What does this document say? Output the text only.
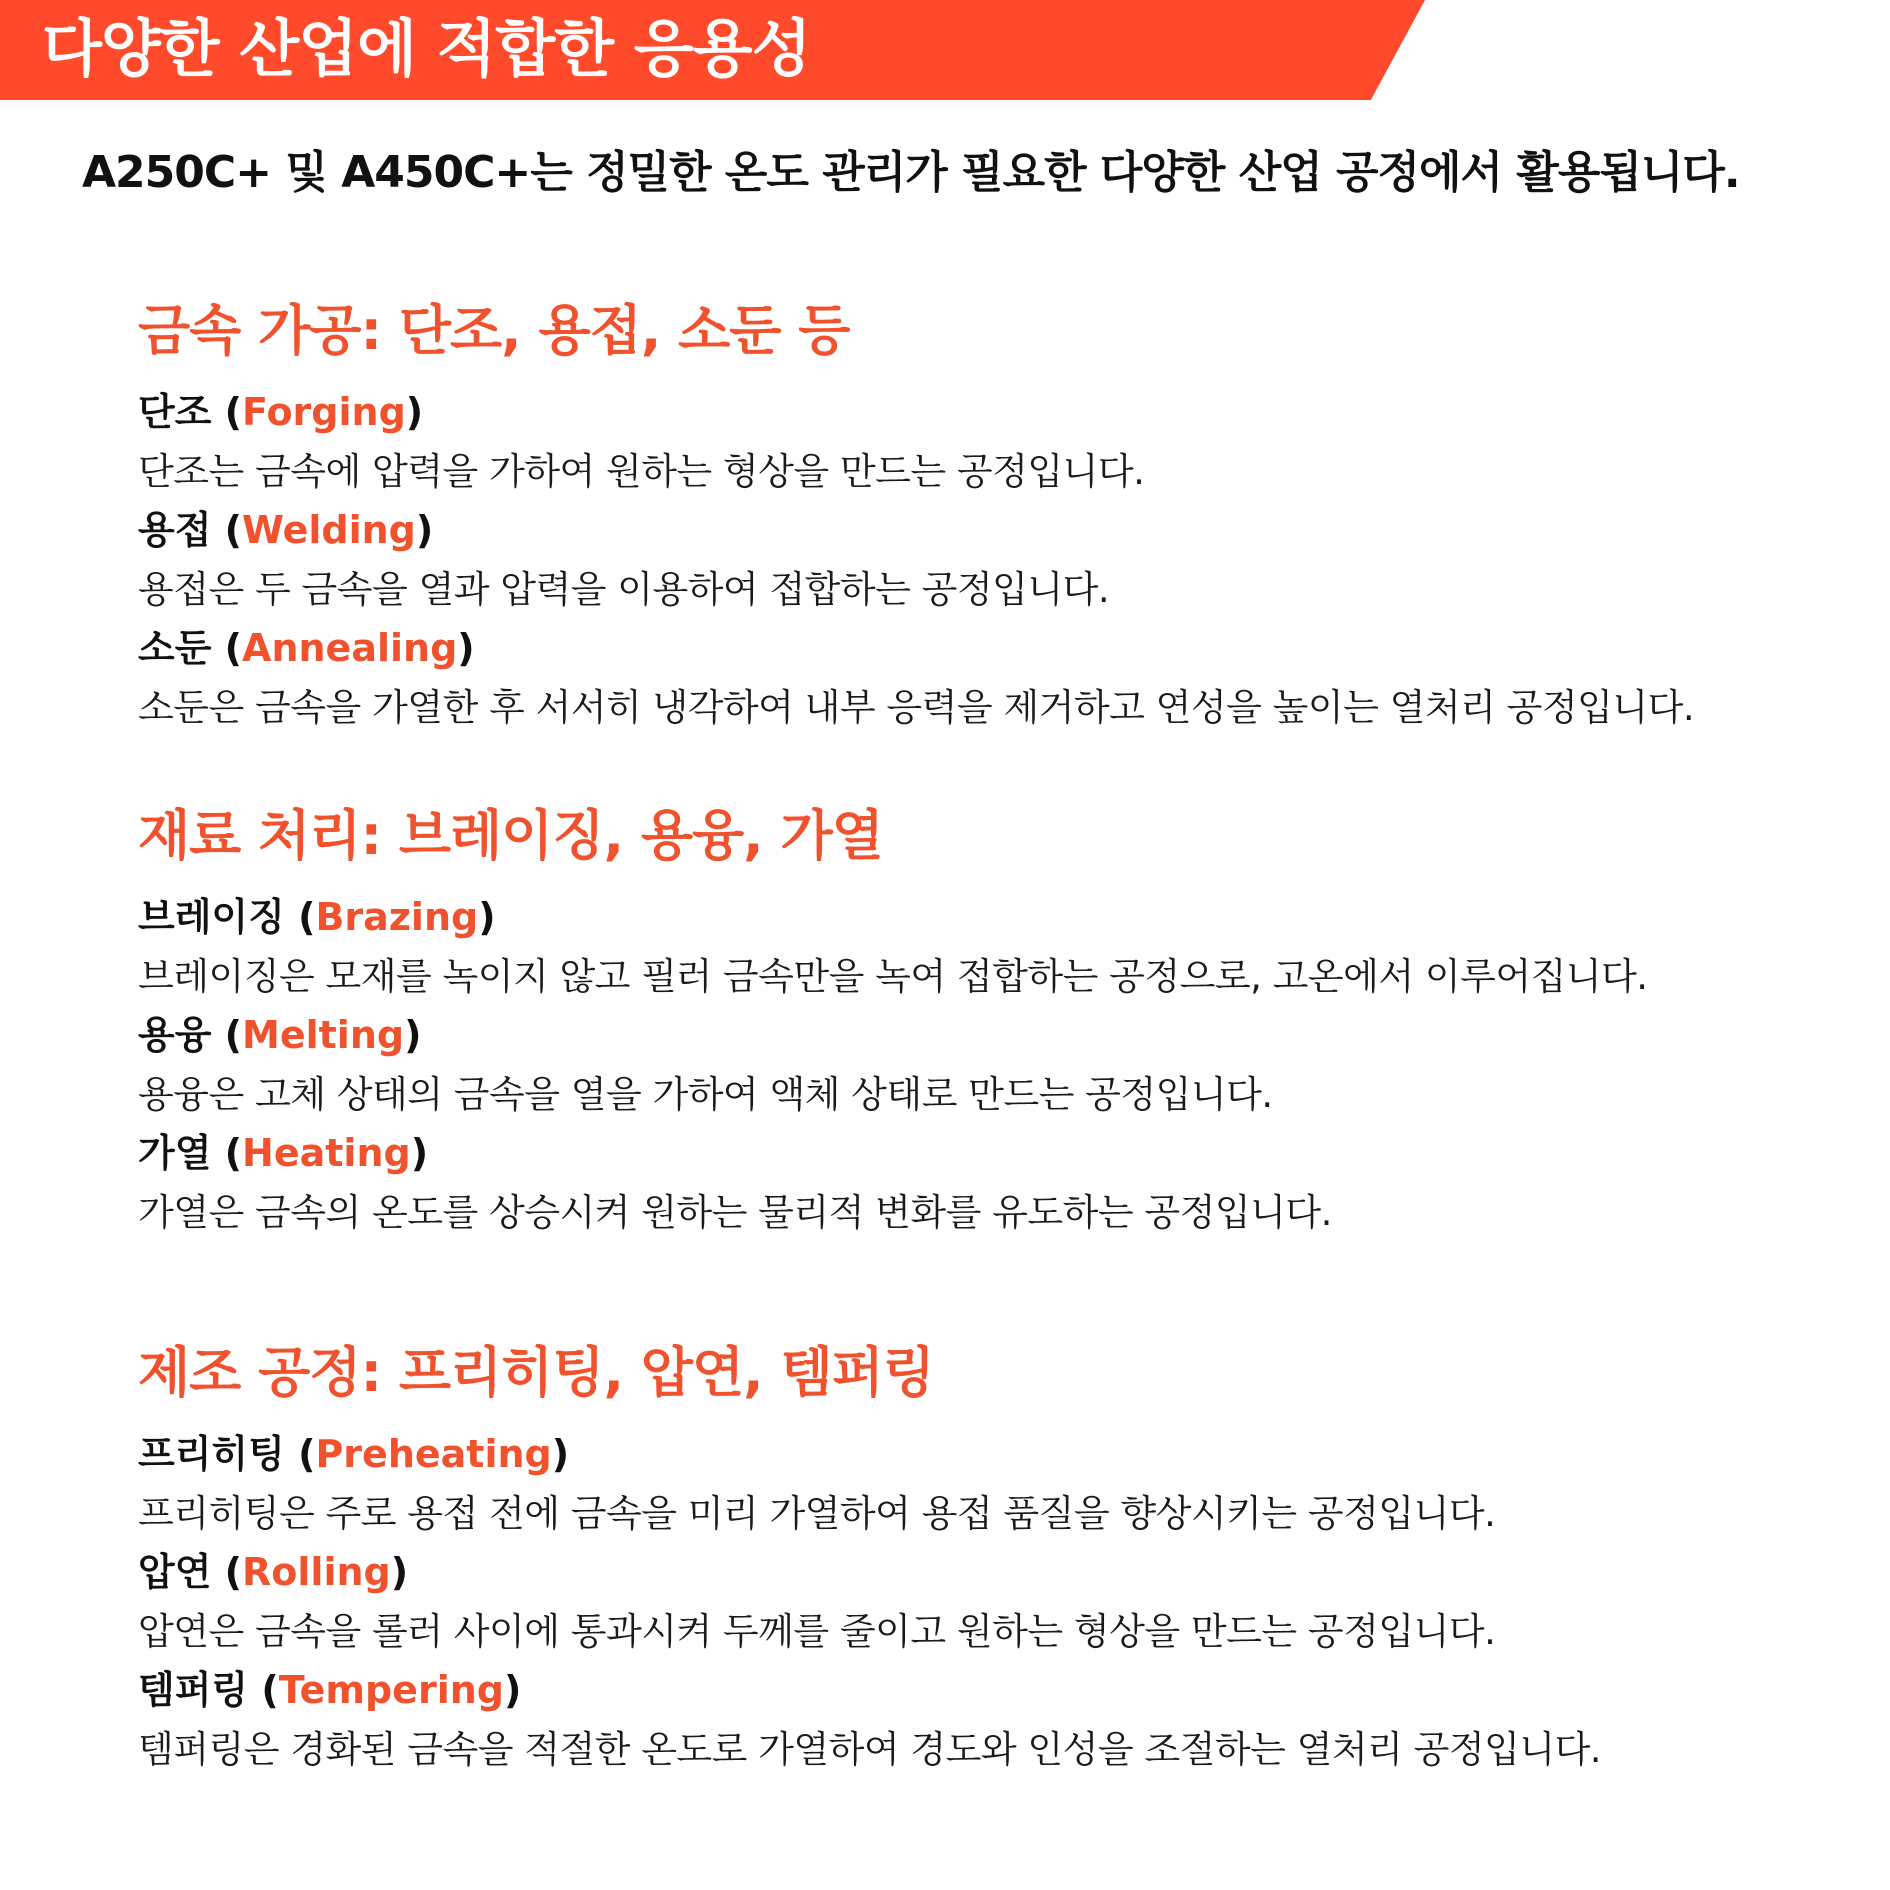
다양한 산업에 적합한 응용성
A250C+ 및 A450C+는 정밀한 온도 관리가 필요한 다양한 산업 공정에서 활용됩니다.
금속 가공: 단조, 용접, 소둔 등
단조 (Forging)
단조는 금속에 압력을 가하여 원하는 형상을 만드는 공정입니다.
용접 (Welding)
용접은 두 금속을 열과 압력을 이용하여 접합하는 공정입니다.
소둔 (Annealing)
소둔은 금속을 가열한 후 서서히 냉각하여 내부 응력을 제거하고 연성을 높이는 열처리 공정입니다.
재료 처리: 브레이징, 용융, 가열
브레이징 (Brazing)
브레이징은 모재를 녹이지 않고 필러 금속만을 녹여 접합하는 공정으로, 고온에서 이루어집니다.
용융 (Melting)
용융은 고체 상태의 금속을 열을 가하여 액체 상태로 만드는 공정입니다.
가열 (Heating)
가열은 금속의 온도를 상승시켜 원하는 물리적 변화를 유도하는 공정입니다.
제조 공정: 프리히팅, 압연, 템퍼링
프리히팅 (Preheating)
프리히팅은 주로 용접 전에 금속을 미리 가열하여 용접 품질을 향상시키는 공정입니다.
압연 (Rolling)
압연은 금속을 롤러 사이에 통과시켜 두께를 줄이고 원하는 형상을 만드는 공정입니다.
템퍼링 (Tempering)
템퍼링은 경화된 금속을 적절한 온도로 가열하여 경도와 인성을 조절하는 열처리 공정입니다.
